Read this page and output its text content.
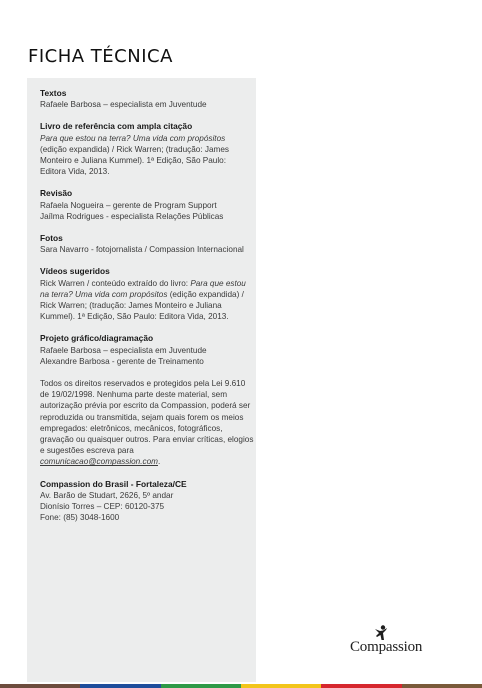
FICHA TÉCNICA
Textos

Rafaele Barbosa – especialista em Juventude

Livro de referência com ampla citação

Para que estou na terra? Uma vida com propósitos (edição expandida) / Rick Warren; (tradução: James Monteiro e Juliana Kummel). 1ª Edição, São Paulo: Editora Vida, 2013.

Revisão

Rafaela Nogueira – gerente de Program Support

Jaílma Rodrigues - especialista Relações Públicas

Fotos

Sara Navarro - fotojornalista / Compassion Internacional

Vídeos sugeridos

Rick Warren / conteúdo extraído do livro: Para que estou na terra? Uma vida com propósitos (edição expandida) / Rick Warren; (tradução: James Monteiro e Juliana Kummel). 1ª Edição, São Paulo: Editora Vida, 2013.

Projeto gráfico/diagramação

Rafaele Barbosa – especialista em Juventude

Alexandre Barbosa - gerente de Treinamento

Todos os direitos reservados e protegidos pela Lei 9.610 de 19/02/1998. Nenhuma parte deste material, sem autorização prévia por escrito da Compassion, poderá ser reproduzida ou transmitida, sejam quais forem os meios empregados: eletrônicos, mecânicos, fotográficos, gravação ou quaisquer outros. Para enviar críticas, elogios e sugestões escreva para comunicacao@compassion.com.

Compassion do Brasil - Fortaleza/CE

Av. Barão de Studart, 2626, 5º andar

Dionísio Torres – CEP: 60120-375

Fone: (85) 3048-1600

Compassion
